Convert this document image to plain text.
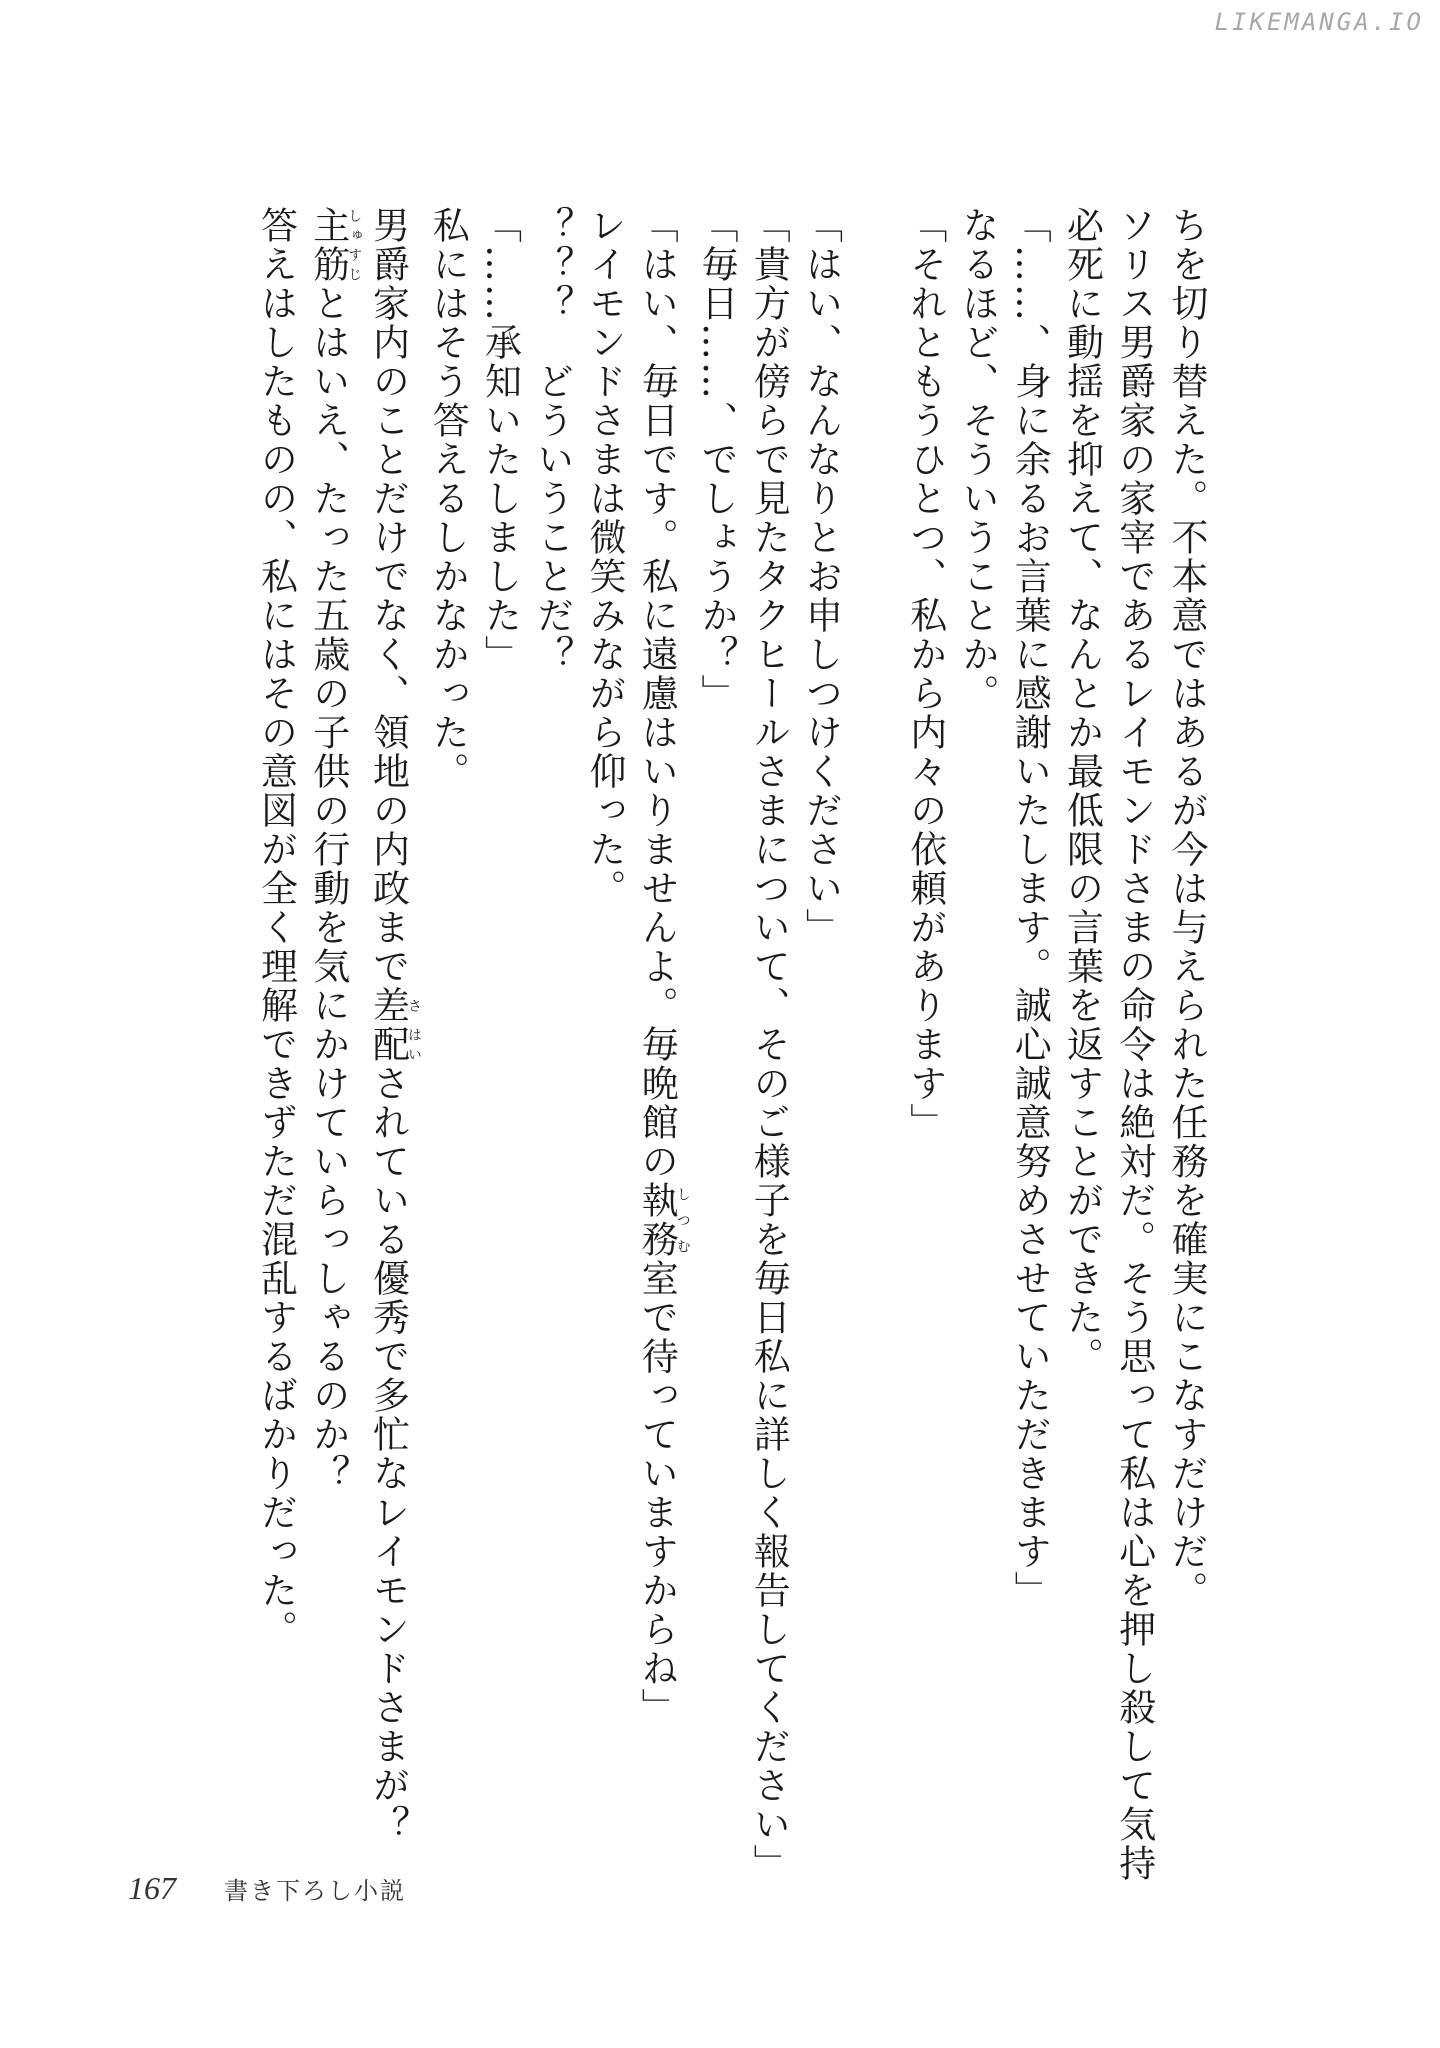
LIKEMANGA.IO

ちを切り替えた。不本意ではあるが今は与えられた任務を確実にこなすだけだ。

ソリス男爵家の家宰であるレイモンドさまの命令は絶対だ。そう思って私は心を押し殺して気持

必死に動揺を抑えて、なんとか最低限の言葉を返すことができた。

「……、身に余るお言葉に感謝いたします。誠心誠意努めさせていただきます」

なるほど、そういうことか。

「それともうひとつ、私から内々の依頼があります」

「はい、なんなりとお申しつけください」

「貴方が傍らで見たタクヒールさまについて、そのご様子を毎日私に詳しく報告してください」

「毎日……、でしょうか？」

「はい、毎日です。私に遠慮はいりませんよ。毎晩館の執務しつむ室で待っていますからね」

レイモンドさまは微笑みながら仰った。

？？？　どういうことだ？

「……承知いたしました」

私にはそう答えるしかなかった。

男爵家内のことだけでなく、領地の内政まで差さ配はいされている優秀で多忙なレイモンドさまが？

主筋しゅすじとはいえ、たった五歳の子供の行動を気にかけていらっしゃるのか？

答えはしたものの、私にはその意図が全く理解できずただ混乱するばかりだった。

167 書き下ろし小説
